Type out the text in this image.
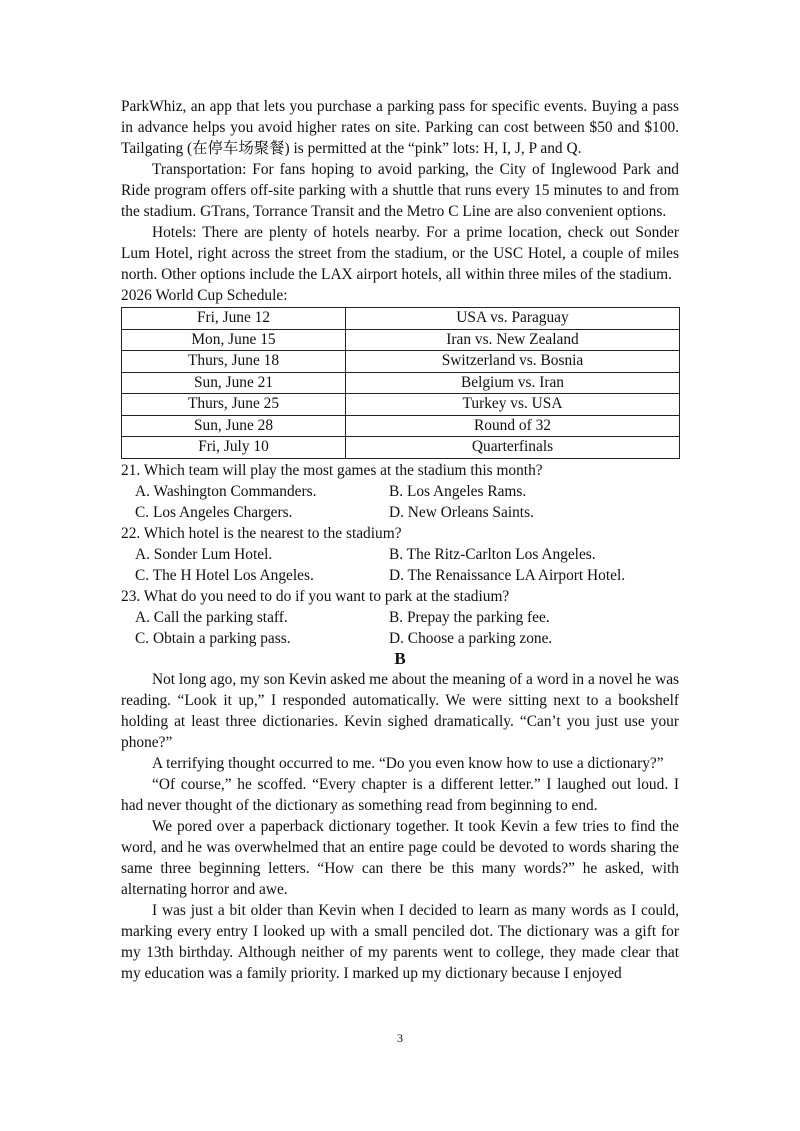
ParkWhiz, an app that lets you purchase a parking pass for specific events. Buying a pass in advance helps you avoid higher rates on site. Parking can cost between $50 and $100. Tailgating (在停车场聚餐) is permitted at the “pink” lots: H, I, J, P and Q.

Transportation: For fans hoping to avoid parking, the City of Inglewood Park and Ride program offers off-site parking with a shuttle that runs every 15 minutes to and from the stadium. GTrans, Torrance Transit and the Metro C Line are also convenient options.

Hotels: There are plenty of hotels nearby. For a prime location, check out Sonder Lum Hotel, right across the street from the stadium, or the USC Hotel, a couple of miles north. Other options include the LAX airport hotels, all within three miles of the stadium.

2026 World Cup Schedule:

Fri, June 12	USA vs. Paraguay
Mon, June 15	Iran vs. New Zealand
Thurs, June 18	Switzerland vs. Bosnia
Sun, June 21	Belgium vs. Iran
Thurs, June 25	Turkey vs. USA
Sun, June 28	Round of 32
Fri, July 10	Quarterfinals

21. Which team will play the most games at the stadium this month?

A. Washington Commanders.	B. Los Angeles Rams.
C. Los Angeles Chargers.	D. New Orleans Saints.

22. Which hotel is the nearest to the stadium?

A. Sonder Lum Hotel.	B. The Ritz-Carlton Los Angeles.
C. The H Hotel Los Angeles.	D. The Renaissance LA Airport Hotel.

23. What do you need to do if you want to park at the stadium?

A. Call the parking staff.	B. Prepay the parking fee.
C. Obtain a parking pass.	D. Choose a parking zone.
B

Not long ago, my son Kevin asked me about the meaning of a word in a novel he was reading. “Look it up,” I responded automatically. We were sitting next to a bookshelf holding at least three dictionaries. Kevin sighed dramatically. “Can’t you just use your phone?”

A terrifying thought occurred to me. “Do you even know how to use a dictionary?”

“Of course,” he scoffed. “Every chapter is a different letter.” I laughed out loud. I had never thought of the dictionary as something read from beginning to end.

We pored over a paperback dictionary together. It took Kevin a few tries to find the word, and he was overwhelmed that an entire page could be devoted to words sharing the same three beginning letters. “How can there be this many words?” he asked, with alternating horror and awe.

I was just a bit older than Kevin when I decided to learn as many words as I could, marking every entry I looked up with a small penciled dot. The dictionary was a gift for my 13th birthday. Although neither of my parents went to college, they made clear that my education was a family priority. I marked up my dictionary because I enjoyed

3
